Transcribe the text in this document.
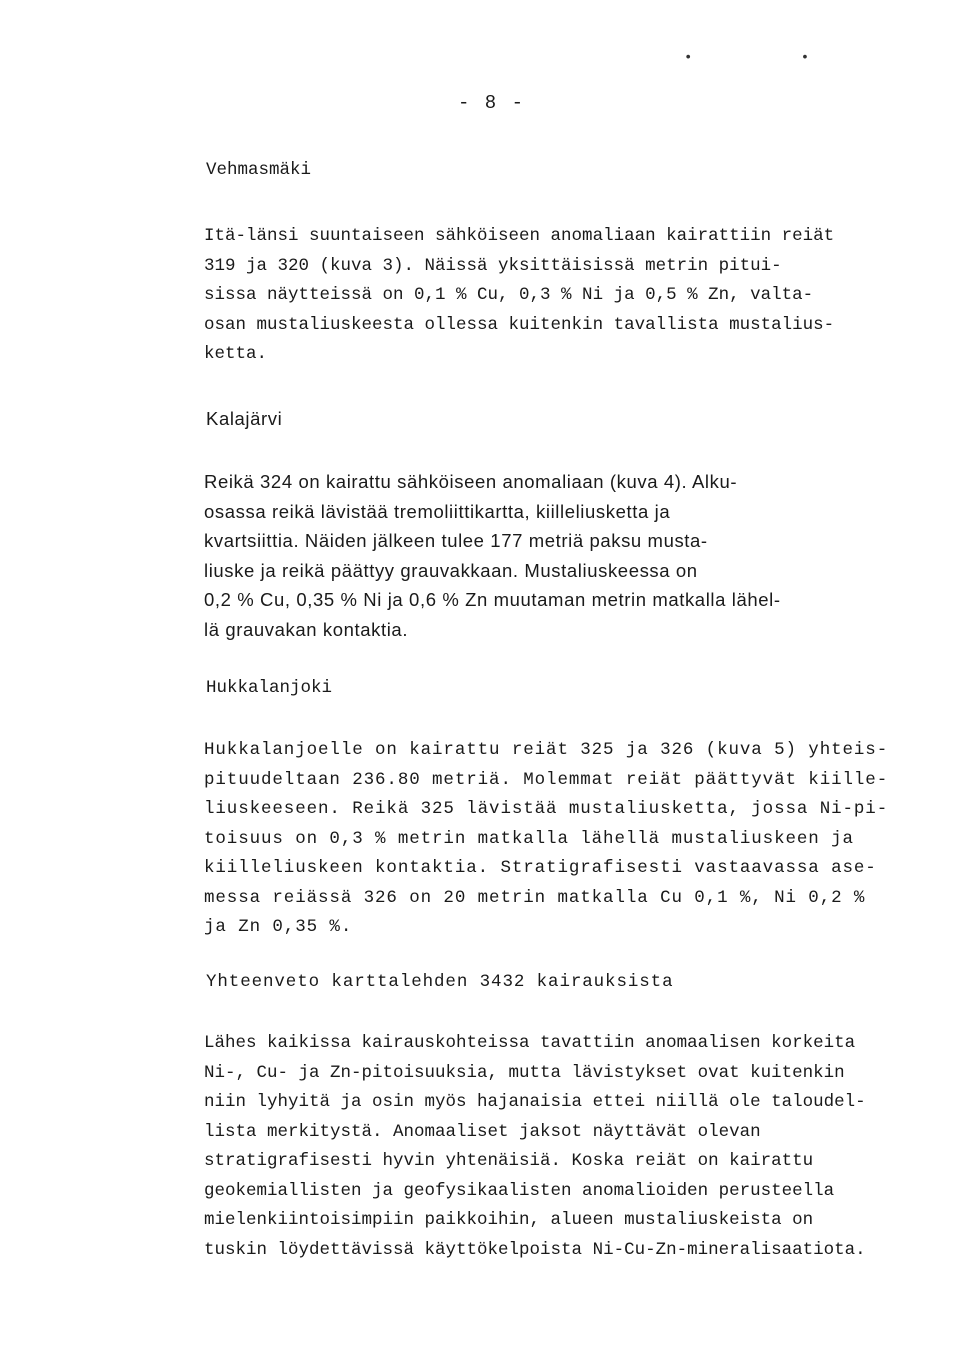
• •
- 8 -
Vehmasmäki
Itä-länsi suuntaiseen sähköiseen anomaliaan kairattiin reiät
319 ja 320 (kuva 3). Näissä yksittäisissä metrin pitui-
sissa näytteissä on 0,1 % Cu, 0,3 % Ni ja 0,5 % Zn, valta-
osan mustaliuskeesta ollessa kuitenkin tavallista mustalius-
ketta.
Kalajärvi
Reikä 324 on kairattu sähköiseen anomaliaan (kuva 4). Alku-
osassa reikä lävistää tremoliittikartta, kiilleliusketta ja
kvartsiittia. Näiden jälkeen tulee 177 metriä paksu musta-
liuske ja reikä päättyy grauvakkaan. Mustaliuskeessa on
0,2 % Cu, 0,35 % Ni ja 0,6 % Zn muutaman metrin matkalla lähel-
lä grauvakan kontaktia.
Hukkalanjoki
Hukkalanjoelle on kairattu reiät 325 ja 326 (kuva 5) yhteis-
pituudeltaan 236.80 metriä. Molemmat reiät päättyvät kiille-
liuskeeseen. Reikä 325 lävistää mustaliusketta, jossa Ni-pi-
toisuus on 0,3 % metrin matkalla lähellä mustaliuskeen ja
kiilleliuskeen kontaktia. Stratigrafisesti vastaavassa ase-
messa reiässä 326 on 20 metrin matkalla Cu 0,1 %, Ni 0,2 %
ja Zn 0,35 %.
Yhteenveto karttalehden 3432 kairauksista
Lähes kaikissa kairauskohteissa tavattiin anomaalisen korkeita
Ni-, Cu- ja Zn-pitoisuuksia, mutta lävistykset ovat kuitenkin
niin lyhyitä ja osin myös hajanaisia ettei niillä ole taloudel-
lista merkitystä. Anomaaliset jaksot näyttävät olevan
stratigrafisesti hyvin yhtenäisiä. Koska reiät on kairattu
geokemiallisten ja geofysikaalisten anomalioiden perusteella
mielenkiintoisimpiin paikkoihin, alueen mustaliuskeista on
tuskin löydettävissä käyttökelpoista Ni-Cu-Zn-mineralisaatiota.
